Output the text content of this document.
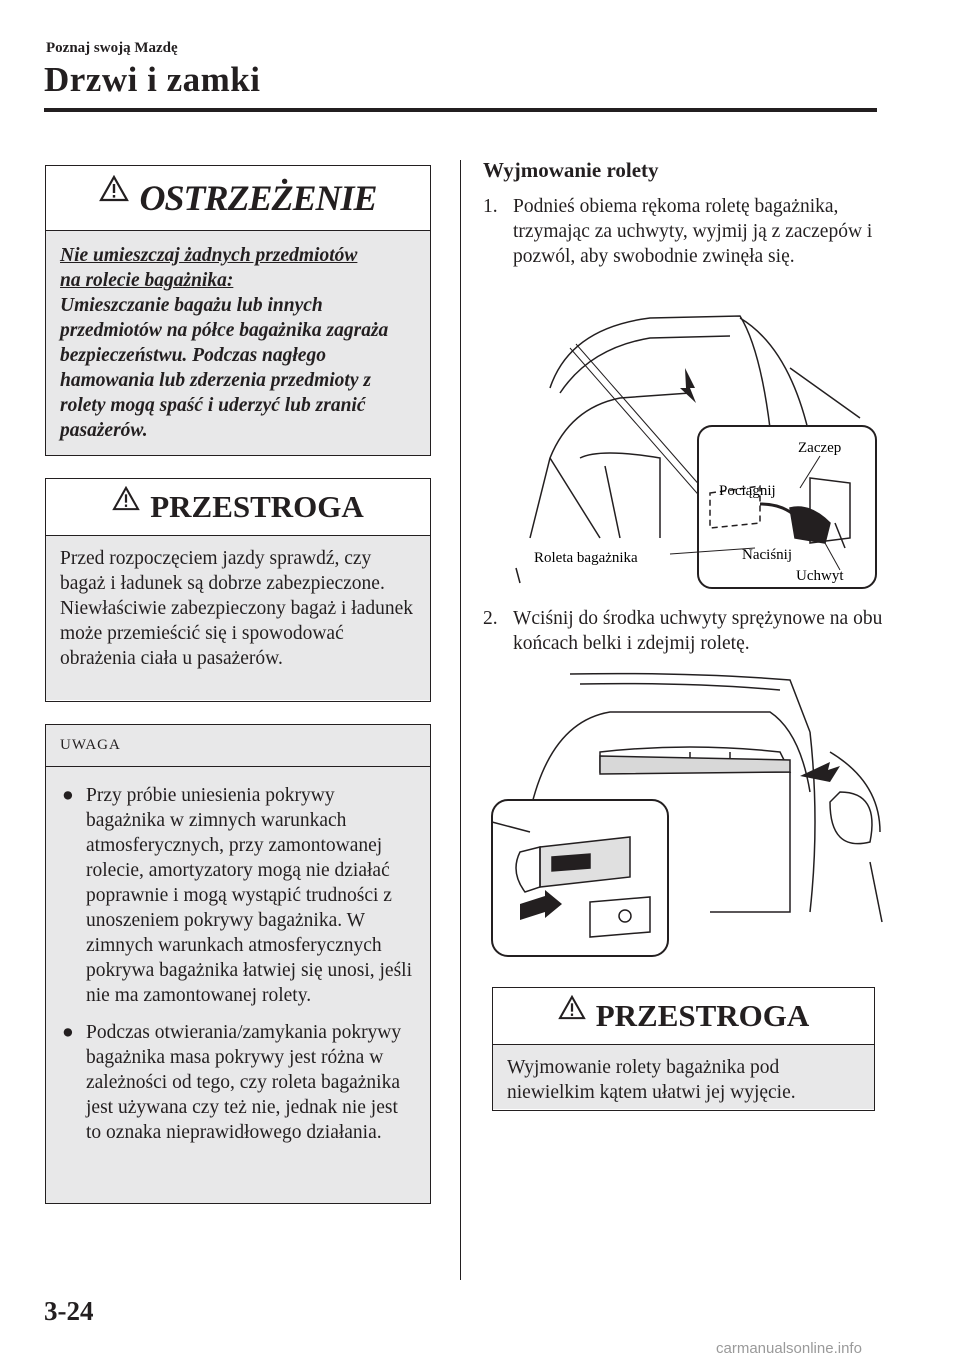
Poznaj swoją Mazdę
Drzwi i zamki
OSTRZEŻENIE
Nie umieszczaj żadnych przedmiotów
na rolecie bagażnika:
Umieszczanie bagażu lub innych przedmiotów na półce bagażnika zagraża bezpieczeństwu. Podczas nagłego hamowania lub zderzenia przedmioty z rolety mogą spaść i uderzyć lub zranić pasażerów.
PRZESTROGA
Przed rozpoczęciem jazdy sprawdź, czy bagaż i ładunek są dobrze zabezpieczone. Niewłaściwie zabezpieczony bagaż i ładunek może przemieścić się i spowodować obrażenia ciała u pasażerów.
UWAGA
● Przy próbie uniesienia pokrywy bagażnika w zimnych warunkach atmosferycznych, przy zamontowanej rolecie, amortyzatory mogą nie działać poprawnie i mogą wystąpić trudności z unoszeniem pokrywy bagażnika. W zimnych warunkach atmosferycznych pokrywa bagażnika łatwiej się unosi, jeśli nie ma zamontowanej rolety.
● Podczas otwierania/zamykania pokrywy bagażnika masa pokrywy jest różna w zależności od tego, czy roleta bagażnika jest używana czy też nie, jednak nie jest to oznaka nieprawidłowego działania.
Wyjmowanie rolety
1. Podnieś obiema rękoma roletę bagażnika, trzymając za uchwyty, wyjmij ją z zaczepów i pozwól, aby swobodnie zwinęła się.
Zaczep
Pociągnij
Roleta bagażnika	Naciśnij
Uchwyt
2. Wciśnij do środka uchwyty sprężynowe na obu końcach belki i zdejmij roletę.
PRZESTROGA
Wyjmowanie rolety bagażnika pod niewielkim kątem ułatwi jej wyjęcie.
3-24
carmanualsonline.info
